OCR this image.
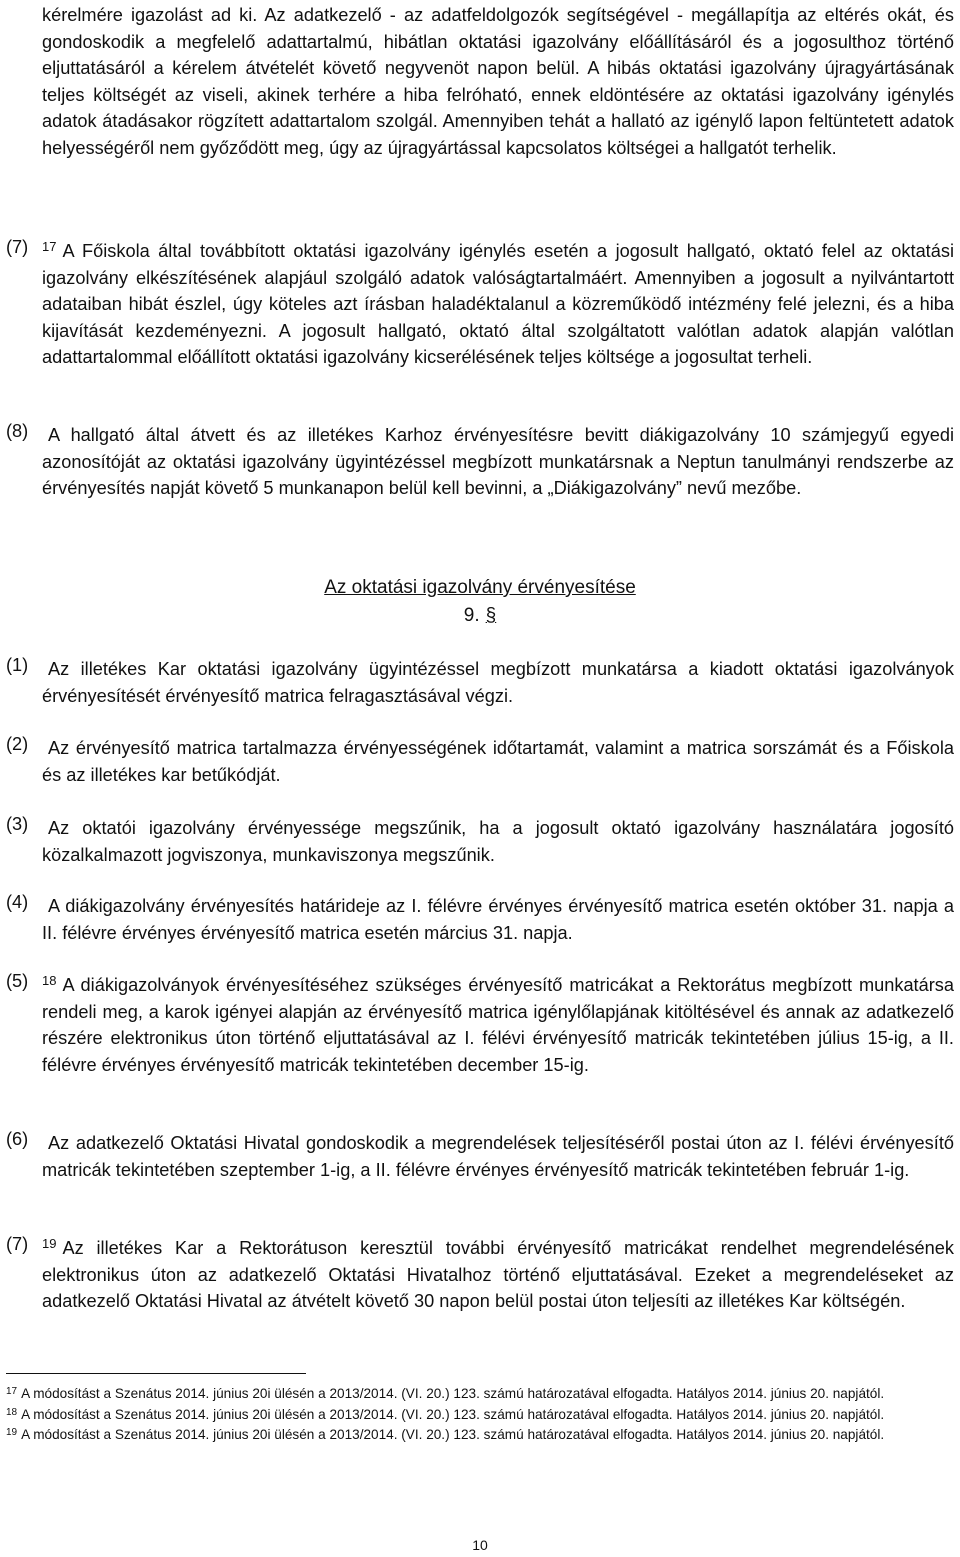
kérelmére igazolást ad ki. Az adatkezelő - az adatfeldolgozók segítségével - megállapítja az eltérés okát, és gondoskodik a megfelelő adattartalmú, hibátlan oktatási igazolvány előállításáról és a jogosulthoz történő eljuttatásáról a kérelem átvételét követő negyvenöt napon belül. A hibás oktatási igazolvány újragyártásának teljes költségét az viseli, akinek terhére a hiba felróható, ennek eldöntésére az oktatási igazolvány igénylés adatok átadásakor rögzített adattartalom szolgál. Amennyiben tehát a hallató az igénylő lapon feltüntetett adatok helyességéről nem győződött meg, úgy az újragyártással kapcsolatos költségei a hallgatót terhelik.

(7) $^{17}$ A Főiskola által továbbított oktatási igazolvány igénylés esetén a jogosult hallgató, oktató felel az oktatási igazolvány elkészítésének alapjául szolgáló adatok valóságtartalmáért. Amennyiben a jogosult a nyilvántartott adataiban hibát észlel, úgy köteles azt írásban haladéktalanul a közreműködő intézmény felé jelezni, és a hiba kijavítását kezdeményezni. A jogosult hallgató, oktató által szolgáltatott valótlan adatok alapján valótlan adattartalommal előállított oktatási igazolvány kicserélésének teljes költsége a jogosultat terheli.
(8)	A hallgató által átvett és az illetékes Karhoz érvényesítésre bevitt diákigazolvány 10 számjegyű egyedi azonosítóját az oktatási igazolvány ügyintézéssel megbízott munkatársnak a Neptun tanulmányi rendszerbe az érvényesítés napját követő 5 munkanapon belül kell bevinni, a „Diákigazolvány” nevű mezőbe.
Az oktatási igazolvány érvényesítése
9. §
(1)	Az illetékes Kar oktatási igazolvány ügyintézéssel megbízott munkatársa a kiadott oktatási igazolványok érvényesítését érvényesítő matrica felragasztásával végzi.
(2)	Az érvényesítő matrica tartalmazza érvényességének időtartamát, valamint a matrica sorszámát és a Főiskola és az illetékes kar betűkódját.
(3)	Az oktatói igazolvány érvényessége megszűnik, ha a jogosult oktató igazolvány használatára jogosító közalkalmazott jogviszonya, munkaviszonya megszűnik.
(4)	A diákigazolvány érvényesítés határideje az I. félévre érvényes érvényesítő matrica esetén október 31. napja a II. félévre érvényes érvényesítő matrica esetén március 31. napja.
(5) $^{18}$ A diákigazolványok érvényesítéséhez szükséges érvényesítő matricákat a Rektorátus megbízott munkatársa rendeli meg, a karok igényei alapján az érvényesítő matrica igénylőlapjának kitöltésével és annak az adatkezelő részére elektronikus úton történő eljuttatásával az I. félévi érvényesítő matricák tekintetében július 15-ig, a II. félévre érvényes érvényesítő matricák tekintetében december 15-ig.
(6)	Az adatkezelő Oktatási Hivatal gondoskodik a megrendelések teljesítéséről postai úton az I. félévi érvényesítő matricák tekintetében szeptember 1-ig, a II. félévre érvényes érvényesítő matricák tekintetében február 1-ig.
(7) $^{19}$ Az illetékes Kar a Rektorátuson keresztül további érvényesítő matricákat rendelhet megrendelésének elektronikus úton az adatkezelő Oktatási Hivatalhoz történő eljuttatásával. Ezeket a megrendeléseket az adatkezelő Oktatási Hivatal az átvételt követő 30 napon belül postai úton teljesíti az illetékes Kar költségén.

$^{17}$ A módosítást a Szenátus 2014. június 20i ülésén a 2013/2014. (VI. 20.) 123. számú határozatával elfogadta. Hatályos 2014. június 20. napjától.

$^{18}$ A módosítást a Szenátus 2014. június 20i ülésén a 2013/2014. (VI. 20.) 123. számú határozatával elfogadta. Hatályos 2014. június 20. napjától.

$^{19}$ A módosítást a Szenátus 2014. június 20i ülésén a 2013/2014. (VI. 20.) 123. számú határozatával elfogadta. Hatályos 2014. június 20. napjától.

10
